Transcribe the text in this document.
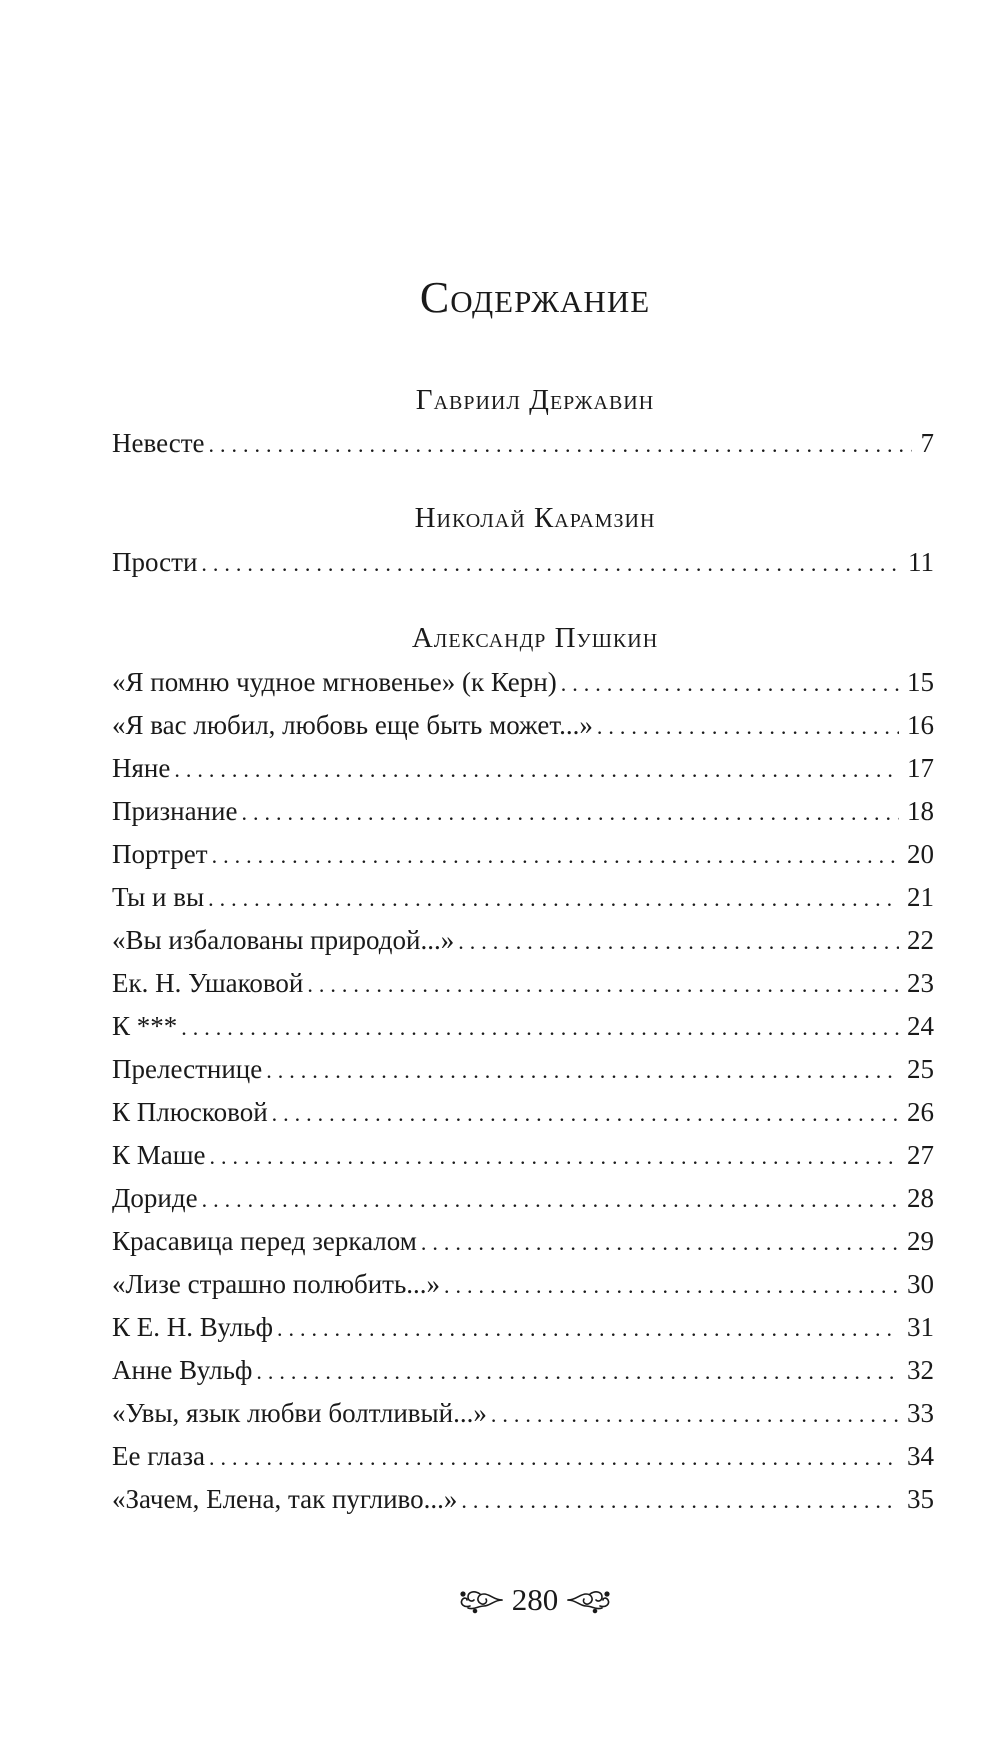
Содержание
Гавриил Державин
Невесте .....	7
Николай Карамзин
Прости .....	11
Александр Пушкин
«Я помню чудное мгновенье» (к Керн) .....	15
«Я вас любил, любовь еще быть может...» .....	16
Няне .....	17
Признание .....	18
Портрет .....	20
Ты и вы .....	21
«Вы избалованы природой...» .....	22
Ек. Н. Ушаковой .....	23
К *** .....	24
Прелестнице .....	25
К Плюсковой .....	26
К Маше .....	27
Дориде .....	28
Красавица перед зеркалом .....	29
«Лизе страшно полюбить...» .....	30
К Е. Н. Вульф .....	31
Анне Вульф .....	32
«Увы, язык любви болтливый...» .....	33
Ее глаза .....	34
«Зачем, Елена, так пугливо...» .....	35
280
